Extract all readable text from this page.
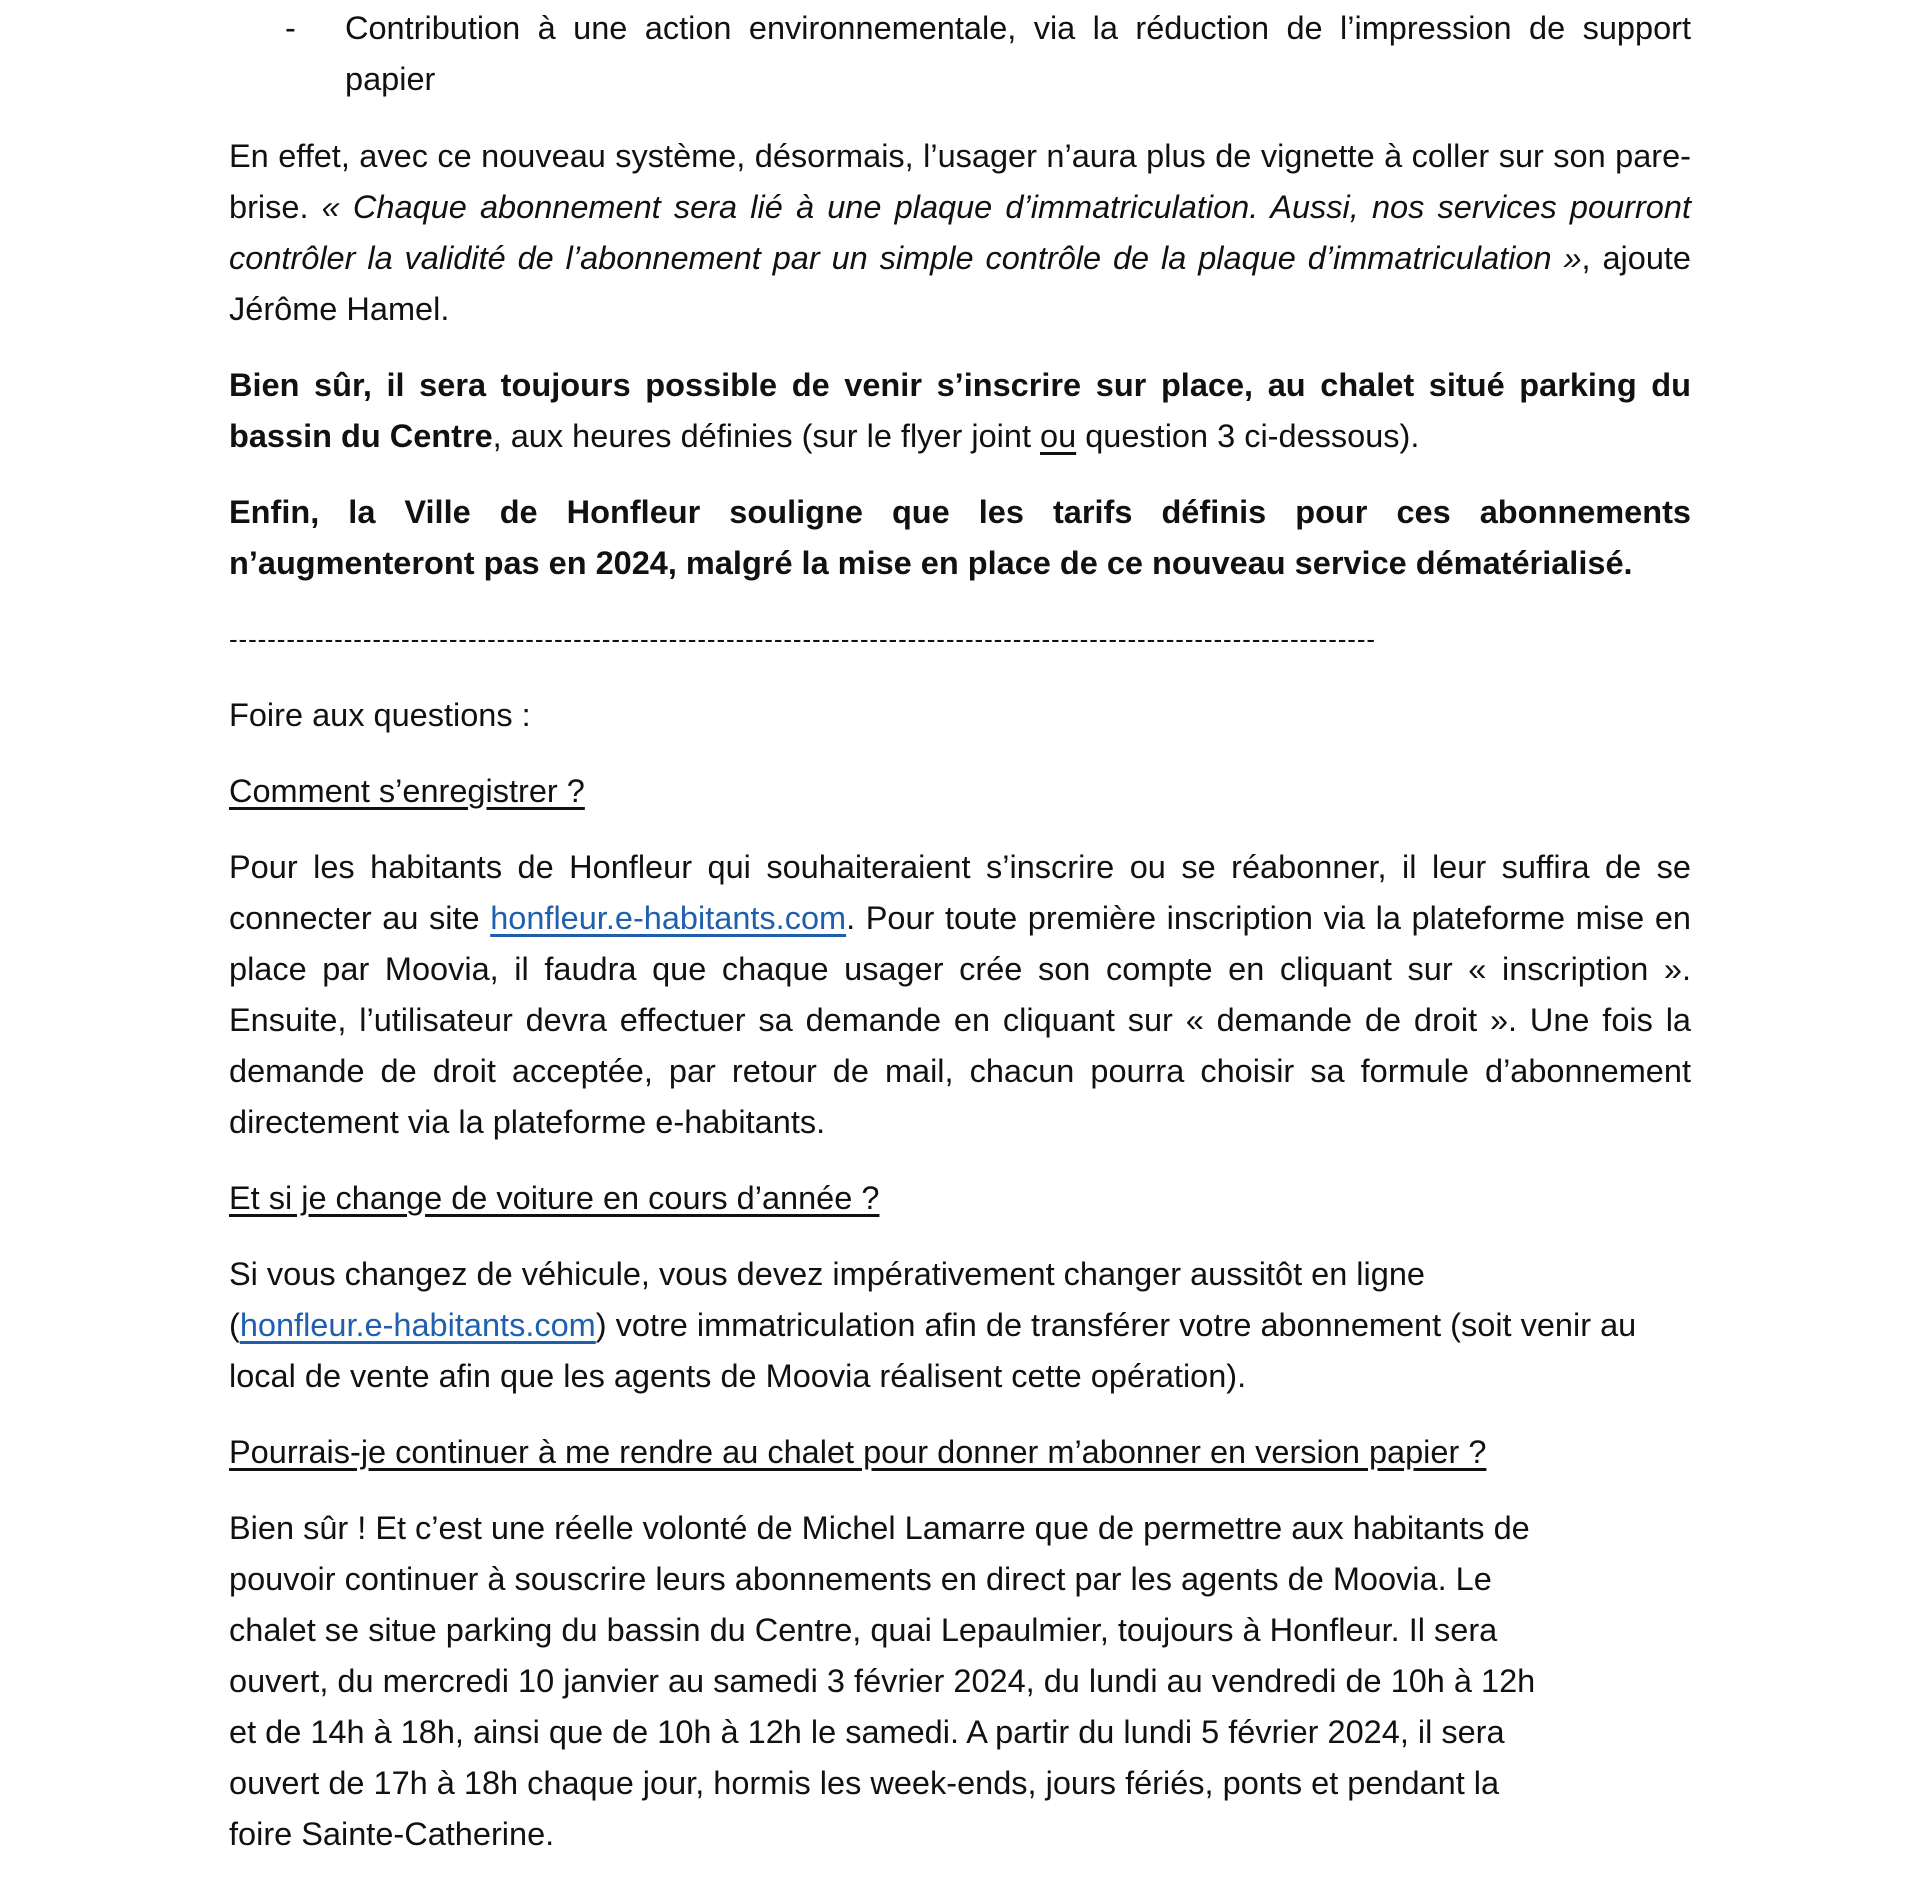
-	Contribution à une action environnementale, via la réduction de l’impression de support papier

En effet, avec ce nouveau système, désormais, l’usager n’aura plus de vignette à coller sur son pare-brise. « Chaque abonnement sera lié à une plaque d’immatriculation. Aussi, nos services pourront contrôler la validité de l’abonnement par un simple contrôle de la plaque d’immatriculation », ajoute Jérôme Hamel.

Bien sûr, il sera toujours possible de venir s’inscrire sur place, au chalet situé parking du bassin du Centre, aux heures définies (sur le flyer joint ou question 3 ci-dessous).

Enfin, la Ville de Honfleur souligne que les tarifs définis pour ces abonnements n’augmenteront pas en 2024, malgré la mise en place de ce nouveau service dématérialisé.

------------------------------------------------------------------------------------------------------------------------

Foire aux questions :

Comment s’enregistrer ?

Pour les habitants de Honfleur qui souhaiteraient s’inscrire ou se réabonner, il leur suffira de se connecter au site honfleur.e-habitants.com. Pour toute première inscription via la plateforme mise en place par Moovia, il faudra que chaque usager crée son compte en cliquant sur « inscription ». Ensuite, l’utilisateur devra effectuer sa demande en cliquant sur « demande de droit ». Une fois la demande de droit acceptée, par retour de mail, chacun pourra choisir sa formule d’abonnement directement via la plateforme e-habitants.

Et si je change de voiture en cours d’année ?

Si vous changez de véhicule, vous devez impérativement changer aussitôt en ligne
(honfleur.e-habitants.com) votre immatriculation afin de transférer votre abonnement (soit venir au local de vente afin que les agents de Moovia réalisent cette opération).

Pourrais-je continuer à me rendre au chalet pour donner m’abonner en version papier ?

Bien sûr ! Et c’est une réelle volonté de Michel Lamarre que de permettre aux habitants de
pouvoir continuer à souscrire leurs abonnements en direct par les agents de Moovia. Le
chalet se situe parking du bassin du Centre, quai Lepaulmier, toujours à Honfleur. Il sera
ouvert, du mercredi 10 janvier au samedi 3 février 2024, du lundi au vendredi de 10h à 12h
et de 14h à 18h, ainsi que de 10h à 12h le samedi. A partir du lundi 5 février 2024, il sera
ouvert de 17h à 18h chaque jour, hormis les week-ends, jours fériés, ponts et pendant la
foire Sainte-Catherine.
